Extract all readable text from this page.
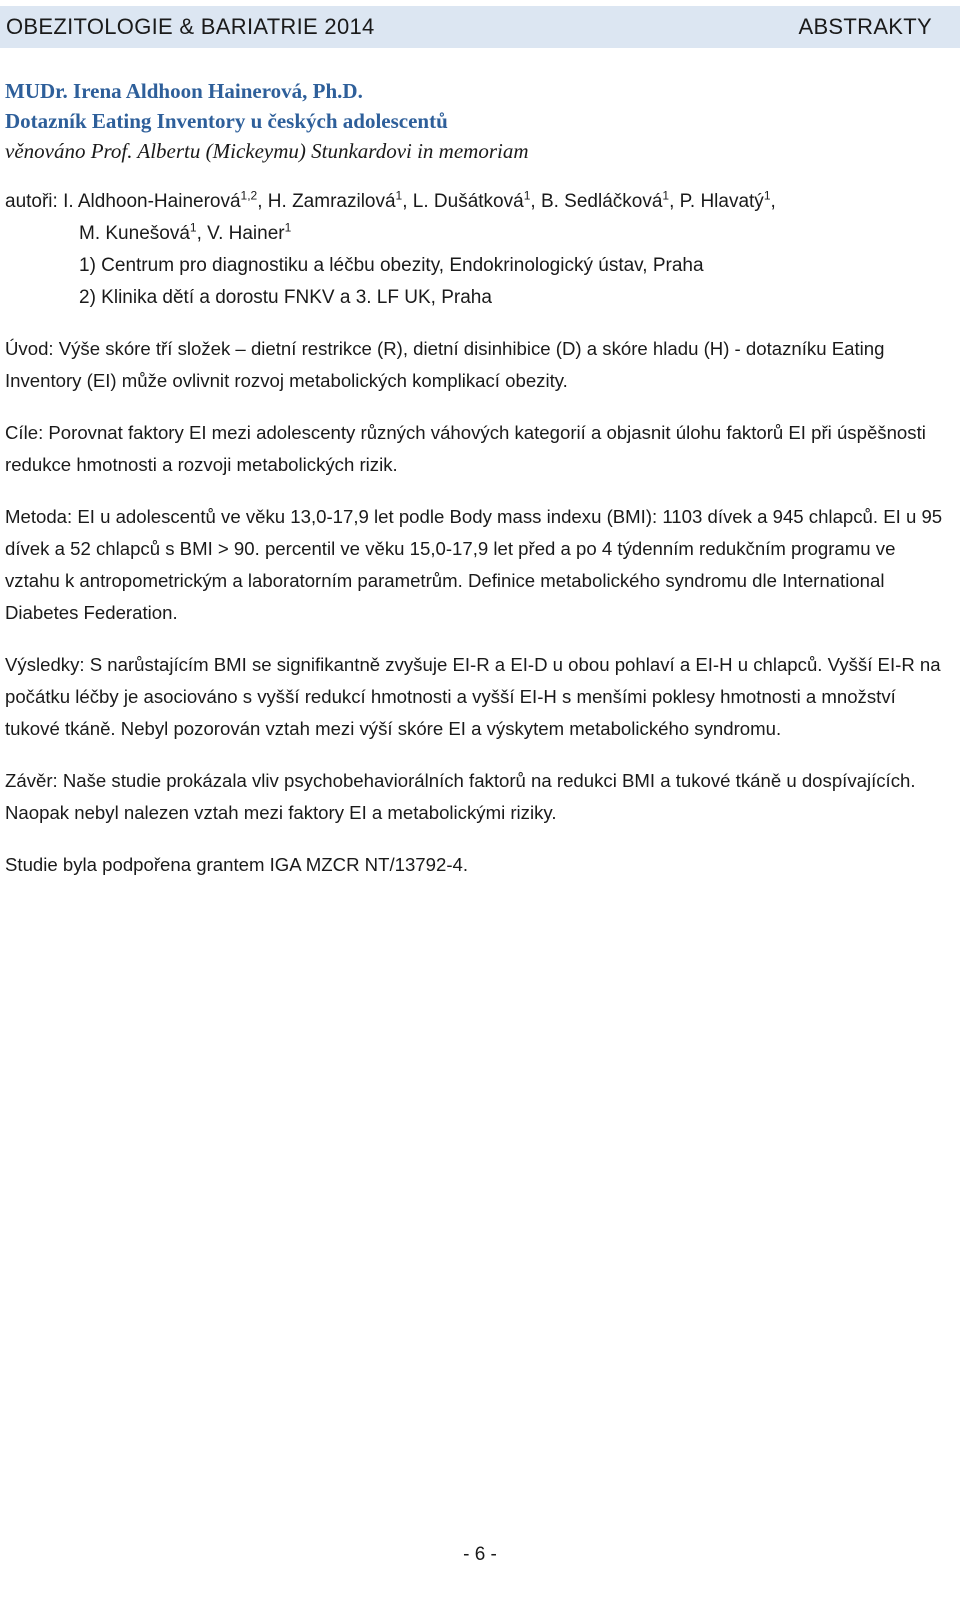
OBEZITOLOGIE & BARIATRIE 2014	ABSTRAKTY
MUDr. Irena Aldhoon Hainerová, Ph.D.
Dotazník Eating Inventory u českých adolescentů
věnováno Prof. Albertu (Mickeymu) Stunkardovi in memoriam
autoři: I. Aldhoon-Hainerová$^{1,2}$, H. Zamrazilová$^1$, L. Dušátková$^1$, B. Sedláčková$^1$, P. Hlavatý$^1$,
M. Kunešová$^1$, V. Hainer$^1$
1) Centrum pro diagnostiku a léčbu obezity, Endokrinologický ústav, Praha
2) Klinika dětí a dorostu FNKV a 3. LF UK, Praha

Úvod: Výše skóre tří složek – dietní restrikce (R), dietní disinhibice (D) a skóre hladu (H) - dotazníku Eating Inventory (EI) může ovlivnit rozvoj metabolických komplikací obezity.

Cíle: Porovnat faktory EI mezi adolescenty různých váhových kategorií a objasnit úlohu faktorů EI při úspěšnosti redukce hmotnosti a rozvoji metabolických rizik.

Metoda: EI u adolescentů ve věku 13,0-17,9 let podle Body mass indexu (BMI): 1103 dívek a 945 chlapců. EI u 95 dívek a 52 chlapců s BMI > 90. percentil ve věku 15,0-17,9 let před a po 4 týdenním redukčním programu ve vztahu k antropometrickým a laboratorním parametrům. Definice metabolického syndromu dle International Diabetes Federation.

Výsledky: S narůstajícím BMI se signifikantně zvyšuje EI-R a EI-D u obou pohlaví a EI-H u chlapců. Vyšší EI-R na počátku léčby je asociováno s vyšší redukcí hmotnosti a vyšší EI-H s menšími poklesy hmotnosti a množství tukové tkáně. Nebyl pozorován vztah mezi výší skóre EI a výskytem metabolického syndromu.

Závěr: Naše studie prokázala vliv psychobehaviorálních faktorů na redukci BMI a tukové tkáně u dospívajících. Naopak nebyl nalezen vztah mezi faktory EI a metabolickými riziky.

Studie byla podpořena grantem IGA MZCR NT/13792-4.

- 6 -
